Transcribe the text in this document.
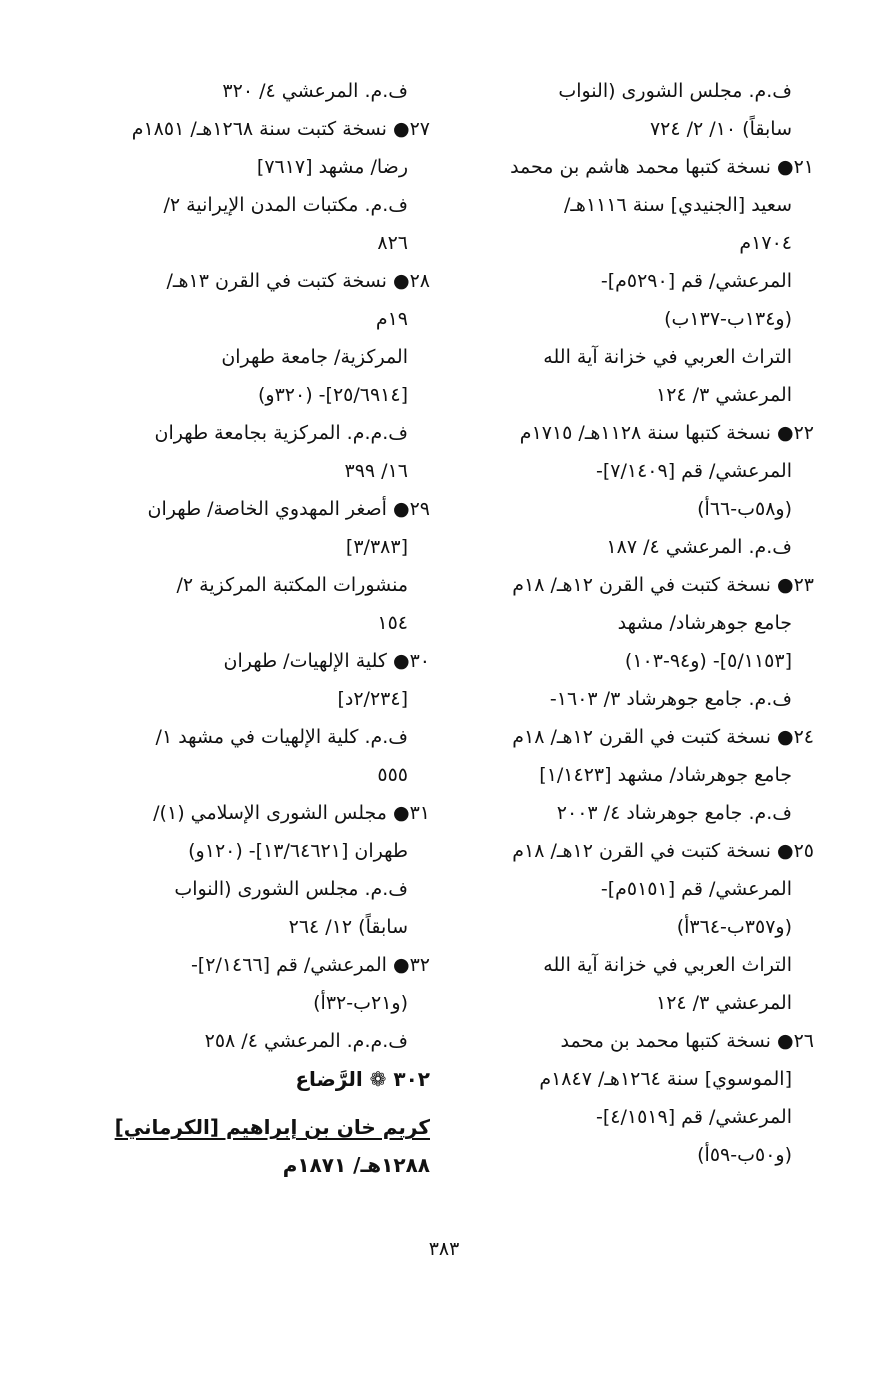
ف.م. مجلس الشورى (النواب
سابقاً) ١٠/ ٢/ ٧٢٤
٢١● نسخة كتبها محمد هاشم بن محمد
سعيد [الجنيدي] سنة ١١١٦هـ/
١٧٠٤م
المرعشي/ قم [٥٢٩٠م]-
(و١٣٤ب-١٣٧ب)
التراث العربي في خزانة آية الله
المرعشي ٣/ ١٢٤
٢٢● نسخة كتبها سنة ١١٢٨هـ/ ١٧١٥م
المرعشي/ قم [٧/١٤٠٩]-
(و٥٨ب-٦٦أ)
ف.م. المرعشي ٤/ ١٨٧
٢٣● نسخة كتبت في القرن ١٢هـ/ ١٨م
جامع جوهرشاد/ مشهد
[٥/١١٥٣]- (و٩٤-١٠٣)
ف.م. جامع جوهرشاد ٣/ ١٦٠٣-
٢٤● نسخة كتبت في القرن ١٢هـ/ ١٨م
جامع جوهرشاد/ مشهد [١/١٤٢٣]
ف.م. جامع جوهرشاد ٤/ ٢٠٠٣
٢٥● نسخة كتبت في القرن ١٢هـ/ ١٨م
المرعشي/ قم [٥١٥١م]-
(و٣٥٧ب-٣٦٤أ)
التراث العربي في خزانة آية الله
المرعشي ٣/ ١٢٤
٢٦● نسخة كتبها محمد بن محمد
[الموسوي] سنة ١٢٦٤هـ/ ١٨٤٧م
المرعشي/ قم [٤/١٥١٩]-
(و٥٠ب-٥٩أ)
ف.م. المرعشي ٤/ ٣٢٠
٢٧● نسخة كتبت سنة ١٢٦٨هـ/ ١٨٥١م
رضا/ مشهد [٧٦١٧]
ف.م. مكتبات المدن الإيرانية ٢/
٨٢٦
٢٨● نسخة كتبت في القرن ١٣هـ/
١٩م
المركزية/ جامعة طهران
[٢٥/٦٩١٤]- (٣٢٠و)
ف.م.م. المركزية بجامعة طهران
١٦/ ٣٩٩
٢٩● أصغر المهدوي الخاصة/ طهران
[٣/٣٨٣]
منشورات المكتبة المركزية ٢/
١٥٤
٣٠● كلية الإلهيات/ طهران
[٢/٢٣٤د]
ف.م. كلية الإلهيات في مشهد ١/
٥٥٥
٣١● مجلس الشورى الإسلامي (١)/
طهران [١٣/٦٤٦٢١]- (١٢٠و)
ف.م. مجلس الشورى (النواب
سابقاً) ١٢/ ٢٦٤
٣٢● المرعشي/ قم [٢/١٤٦٦]-
(و٢١ب-٣٢أ)
ف.م.م. المرعشي ٤/ ٢٥٨
٣٠٢ ❁ الرَّضاع
كريم خان بن إبراهيم [الكرماني]
١٢٨٨هـ/ ١٨٧١م
٣٨٣
